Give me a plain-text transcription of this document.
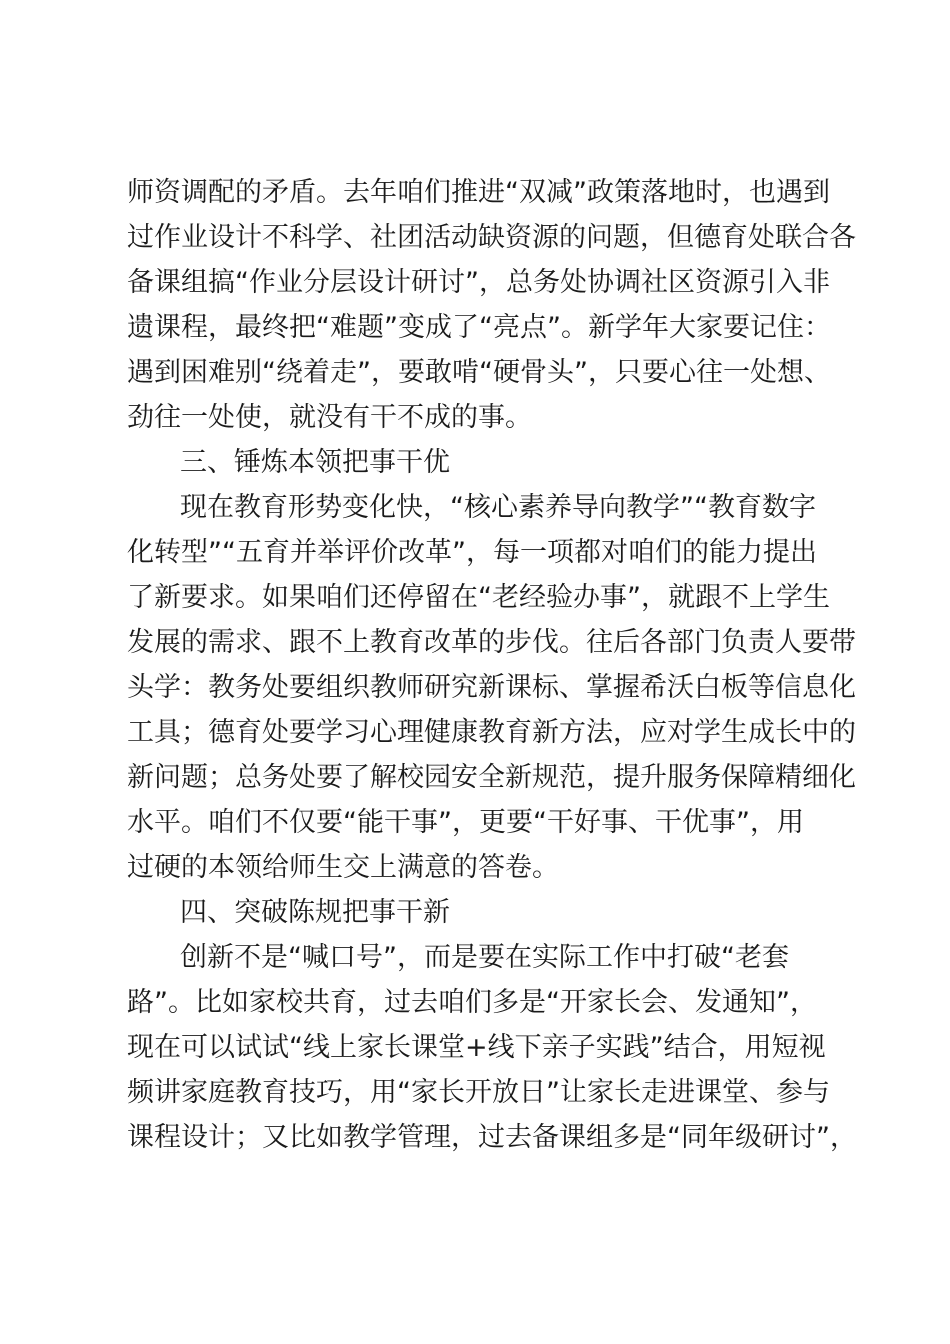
师资调配的矛盾。去年咱们推进“双减”政策落地时，也遇到
过作业设计不科学、社团活动缺资源的问题，但德育处联合各
备课组搞“作业分层设计研讨”，总务处协调社区资源引入非
遗课程，最终把“难题”变成了“亮点”。新学年大家要记住：
遇到困难别“绕着走”，要敢啃“硬骨头”，只要心往一处想、
劲往一处使，就没有干不成的事。
三、锤炼本领把事干优
现在教育形势变化快，“核心素养导向教学”“教育数字
化转型”“五育并举评价改革”，每一项都对咱们的能力提出
了新要求。如果咱们还停留在“老经验办事”，就跟不上学生
发展的需求、跟不上教育改革的步伐。往后各部门负责人要带
头学：教务处要组织教师研究新课标、掌握希沃白板等信息化
工具；德育处要学习心理健康教育新方法，应对学生成长中的
新问题；总务处要了解校园安全新规范，提升服务保障精细化
水平。咱们不仅要“能干事”，更要“干好事、干优事”，用
过硬的本领给师生交上满意的答卷。
四、突破陈规把事干新
创新不是“喊口号”，而是要在实际工作中打破“老套
路”。比如家校共育，过去咱们多是“开家长会、发通知”，
现在可以试试“线上家长课堂+线下亲子实践”结合，用短视
频讲家庭教育技巧，用“家长开放日”让家长走进课堂、参与
课程设计；又比如教学管理，过去备课组多是“同年级研讨”，
